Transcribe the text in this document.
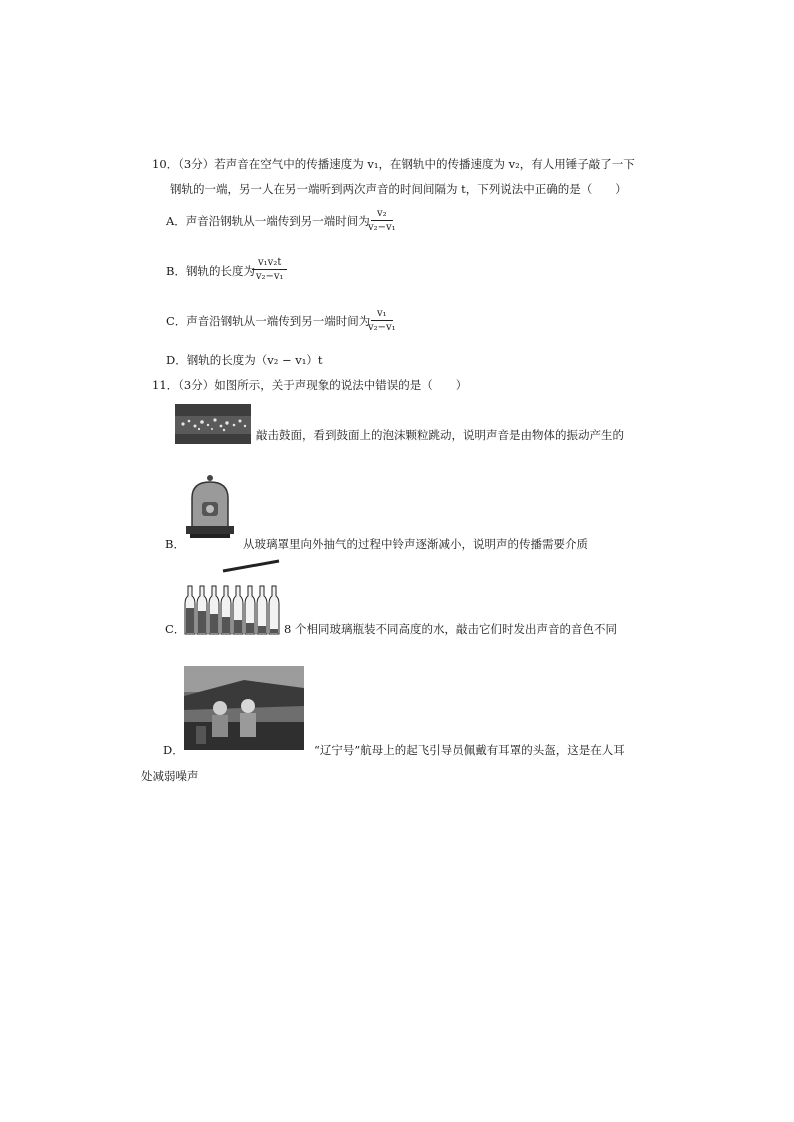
10．（3分）若声音在空气中的传播速度为 v₁，在钢轨中的传播速度为 v₂，有人用锤子敲了一下
钢轨的一端，另一人在另一端听到两次声音的时间间隔为 t，下列说法中正确的是（　　）
A．声音沿钢轨从一端传到另一端时间为
$\frac{\text{v₂}}{\text{v₂−v₁}}$
B．钢轨的长度为
$\frac{\text{v₁v₂t}}{\text{v₂−v₁}}$
C．声音沿钢轨从一端传到另一端时间为
$\frac{\text{v₁}}{\text{v₂−v₁}}$
D．钢轨的长度为（v₂ − v₁）t
11．（3分）如图所示，关于声现象的说法中错误的是（　　）
敲击鼓面，看到鼓面上的泡沫颗粒跳动，说明声音是由物体的振动产生的
B．	从玻璃罩里向外抽气的过程中铃声逐渐减小，说明声的传播需要介质
C．	8 个相同玻璃瓶装不同高度的水，敲击它们时发出声音的音色不同
D．	“辽宁号”航母上的起飞引导员佩戴有耳罩的头盔，这是在人耳
处减弱噪声
